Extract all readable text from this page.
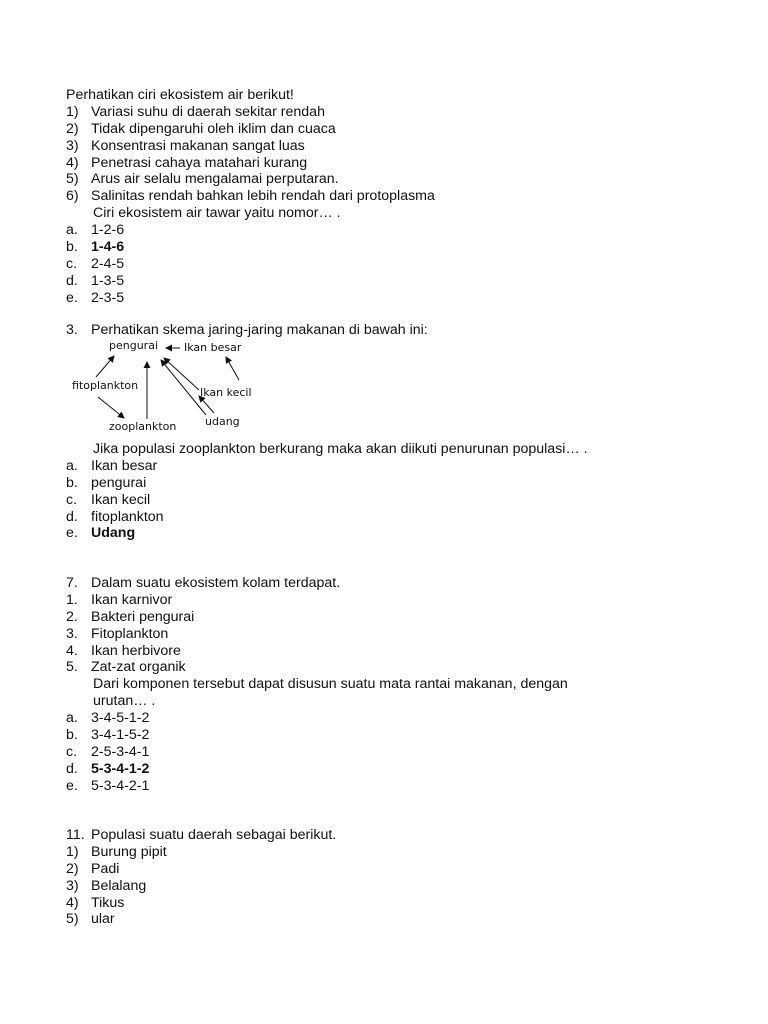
Perhatikan ciri ekosistem air berikut!
1) Variasi suhu di daerah sekitar rendah
2) Tidak dipengaruhi oleh iklim dan cuaca
3) Konsentrasi makanan sangat luas
4) Penetrasi cahaya matahari kurang
5) Arus air selalu mengalamai perputaran.
6) Salinitas rendah bahkan lebih rendah dari protoplasma
Ciri ekosistem air tawar yaitu nomor… .
a. 1-2-6
b. 1-4-6
c. 2-4-5
d. 1-3-5
e. 2-3-5
3. Perhatikan skema jaring-jaring makanan di bawah ini:
pengurai Ikan besar
fitoplankton
Ikan kecil
udang
zooplankton
Jika populasi zooplankton berkurang maka akan diikuti penurunan populasi… .
a. Ikan besar
b. pengurai
c. Ikan kecil
d. fitoplankton
e. Udang
7. Dalam suatu ekosistem kolam terdapat.
1. Ikan karnivor
2. Bakteri pengurai
3. Fitoplankton
4. Ikan herbivore
5. Zat-zat organik
Dari komponen tersebut dapat disusun suatu mata rantai makanan, dengan urutan… .
a. 3-4-5-1-2
b. 3-4-1-5-2
c. 2-5-3-4-1
d. 5-3-4-1-2
e. 5-3-4-2-1
11. Populasi suatu daerah sebagai berikut.
1) Burung pipit
2) Padi
3) Belalang
4) Tikus
5) ular
